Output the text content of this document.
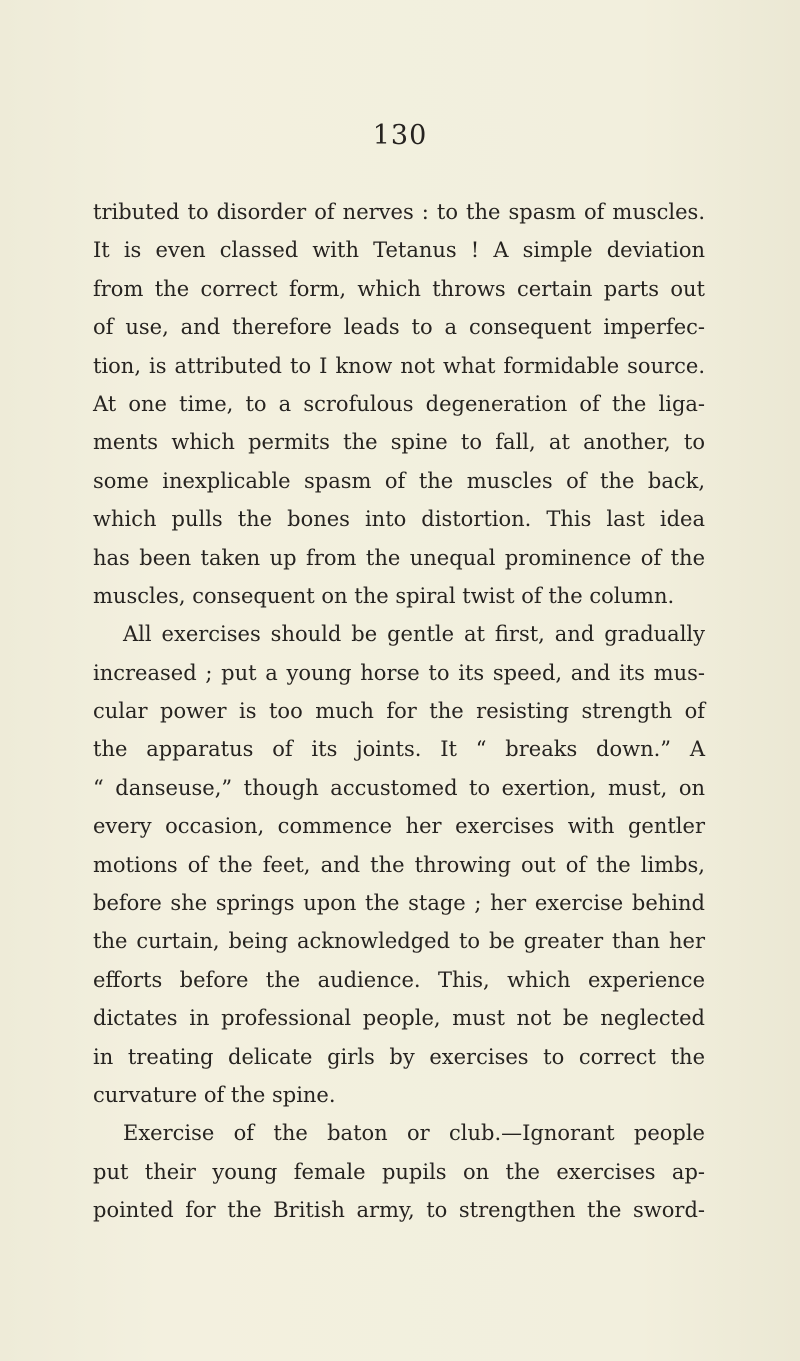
130
tributed to disorder of nerves : to the spasm of muscles.
It is even classed with Tetanus ! A simple deviation
from the correct form, which throws certain parts out
of use, and therefore leads to a consequent imperfec-
tion, is attributed to I know not what formidable source.
At one time, to a scrofulous degeneration of the liga-
ments which permits the spine to fall, at another, to
some inexplicable spasm of the muscles of the back,
which pulls the bones into distortion. This last idea
has been taken up from the unequal prominence of the
muscles, consequent on the spiral twist of the column.
All exercises should be gentle at first, and gradually
increased ; put a young horse to its speed, and its mus-
cular power is too much for the resisting strength of
the apparatus of its joints. It “ breaks down.” A
“ danseuse,” though accustomed to exertion, must, on
every occasion, commence her exercises with gentler
motions of the feet, and the throwing out of the limbs,
before she springs upon the stage ; her exercise behind
the curtain, being acknowledged to be greater than her
efforts before the audience. This, which experience
dictates in professional people, must not be neglected
in treating delicate girls by exercises to correct the
curvature of the spine.
Exercise of the baton or club.—Ignorant people
put their young female pupils on the exercises ap-
pointed for the British army, to strengthen the sword-
